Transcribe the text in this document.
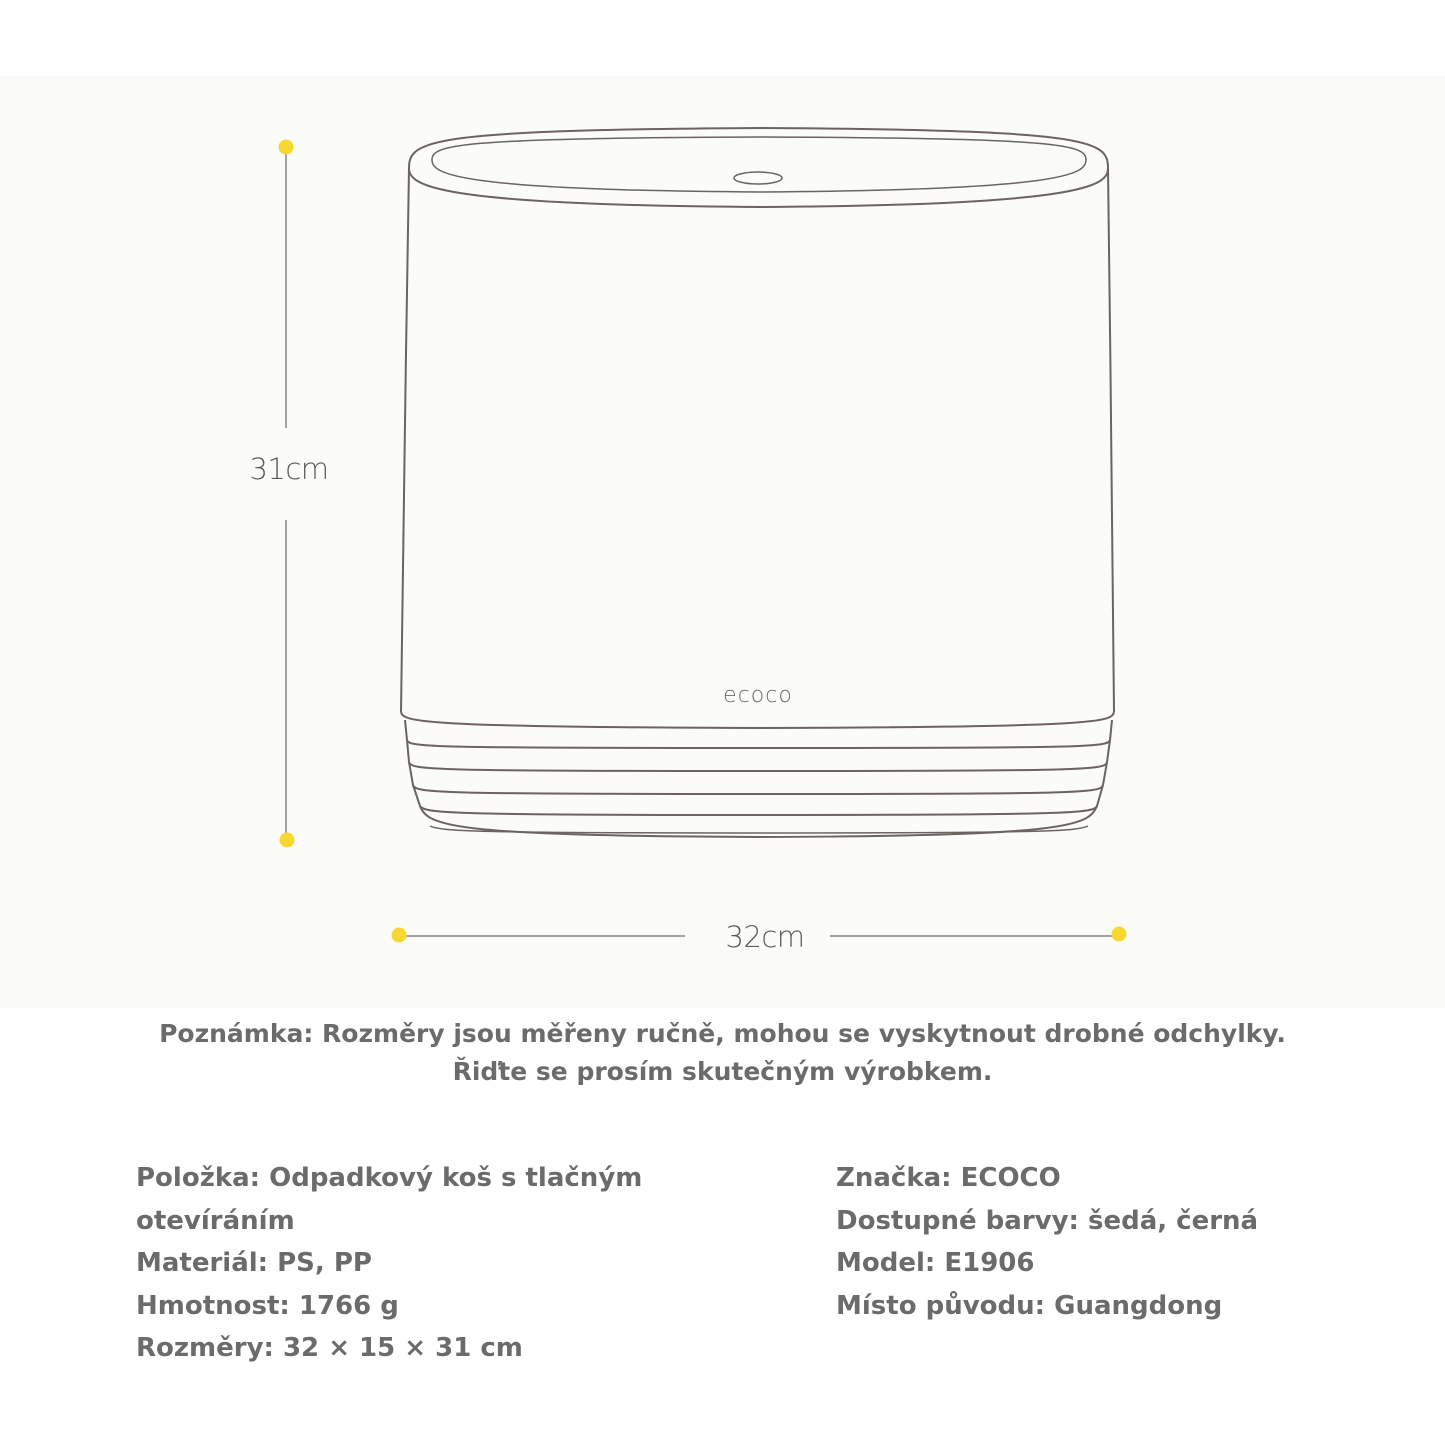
31cm
32cm
ecoco
Poznámka: Rozměry jsou měřeny ručně, mohou se vyskytnout drobné odchylky.
Řiďte se prosím skutečným výrobkem.
Položka: Odpadkový koš s tlačným
otevíráním
Materiál: PS, PP
Hmotnost: 1766 g
Rozměry: 32 × 15 × 31 cm
Značka: ECOCO
Dostupné barvy: šedá, černá
Model: E1906
Místo původu: Guangdong
